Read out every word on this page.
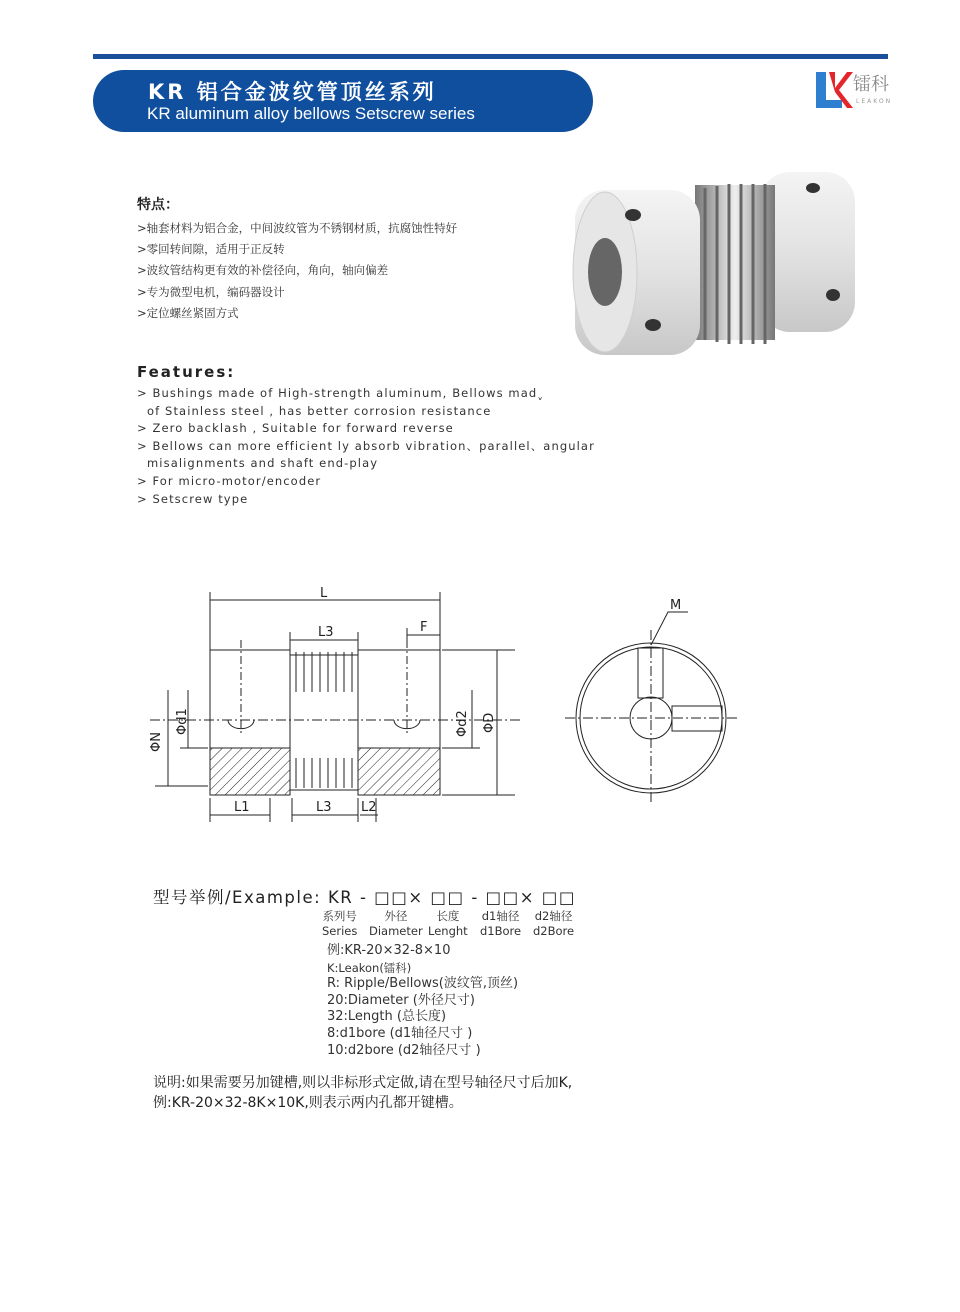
KR 铝合金波纹管顶丝系列
KR aluminum alloy bellows Setscrew series
镭科
LEAKON
特点：
>轴套材料为铝合金，中间波纹管为不锈钢材质，抗腐蚀性特好
>零回转间隙，适用于正反转
>波纹管结构更有效的补偿径向，角向，轴向偏差
>专为微型电机，编码器设计
>定位螺丝紧固方式
Features:
> Bushings made of High-strength aluminum, Bellows madˬ
of Stainless steel , has better corrosion resistance
> Zero backlash , Suitable for forward reverse
> Bellows can more efficient ly absorb vibration、parallel、angular
misalignments and shaft end-play
> For micro-motor/encoder
> Setscrew type
L
L3	F
L1	L3 L2
ΦN
Φd1	Φd2 ΦD
M
型号举例/Example: KR - □□× □□ - □□× □□
系列号
Series
外径
Diameter
长度
Lenght
d1轴径
d1Bore
d2轴径
d2Bore
例:KR-20×32-8×10
K:Leakon(镭科)
R: Ripple/Bellows(波纹管,顶丝)
20:Diameter (外径尺寸)
32:Length (总长度)
8:d1bore (d1轴径尺寸 )
10:d2bore (d2轴径尺寸 )
说明:如果需要另加键槽,则以非标形式定做,请在型号轴径尺寸后加K,
例:KR-20×32-8K×10K,则表示两内孔都开键槽。
